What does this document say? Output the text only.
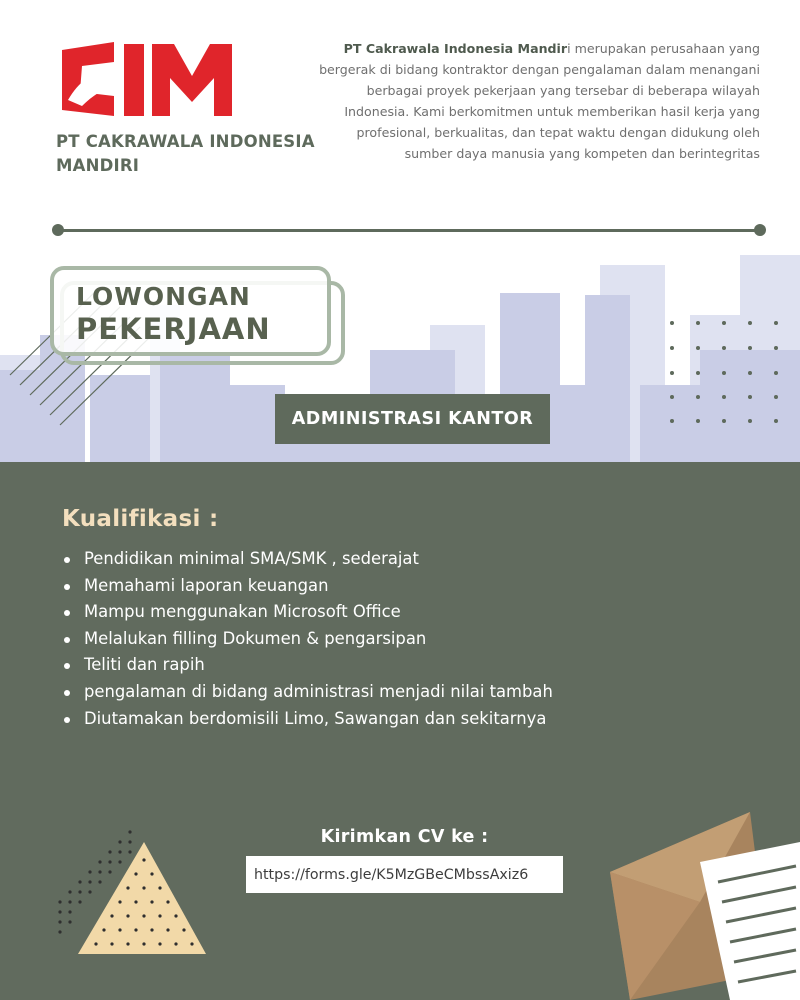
PT CAKRAWALA INDONESIA MANDIRI
PT Cakrawala Indonesia Mandiri merupakan perusahaan yang bergerak di bidang kontraktor dengan pengalaman dalam menangani berbagai proyek pekerjaan yang tersebar di beberapa wilayah Indonesia. Kami berkomitmen untuk memberikan hasil kerja yang profesional, berkualitas, dan tepat waktu dengan didukung oleh sumber daya manusia yang kompeten dan berintegritas
LOWONGAN
PEKERJAAN
ADMINISTRASI KANTOR
Kualifikasi :
Pendidikan minimal SMA/SMK , sederajat
Memahami laporan keuangan
Mampu menggunakan Microsoft Office
Melalukan filling Dokumen & pengarsipan
Teliti dan rapih
pengalaman di bidang administrasi menjadi nilai tambah
Diutamakan berdomisili Limo, Sawangan dan sekitarnya
Kirimkan CV ke :
https://forms.gle/K5MzGBeCMbssAxiz6
